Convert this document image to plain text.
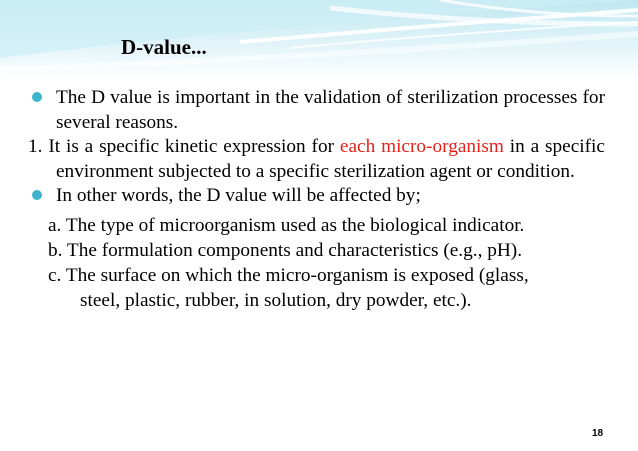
D-value...
The D value is important in the validation of sterilization processes for several reasons.
1. It is a specific kinetic expression for each micro-organism in a specific environment subjected to a specific sterilization agent or condition.
In other words, the D value will be affected by;
a. The type of microorganism used as the biological indicator.
b. The formulation components and characteristics (e.g., pH).
c. The surface on which the micro-organism is exposed (glass,
steel, plastic, rubber, in solution, dry powder, etc.).
18
